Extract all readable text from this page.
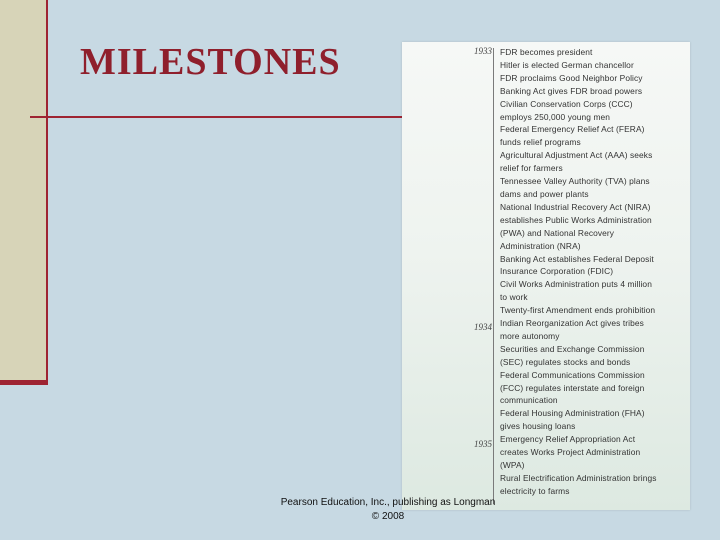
MILESTONES	1933
1934
1935
FDR becomes president
Hitler is elected German chancellor
FDR proclaims Good Neighbor Policy
Banking Act gives FDR broad powers
Civilian Conservation Corps (CCC)
employs 250,000 young men
Federal Emergency Relief Act (FERA)
funds relief programs
Agricultural Adjustment Act (AAA) seeks
relief for farmers
Tennessee Valley Authority (TVA) plans
dams and power plants
National Industrial Recovery Act (NIRA)
establishes Public Works Administration
(PWA) and National Recovery
Administration (NRA)
Banking Act establishes Federal Deposit
Insurance Corporation (FDIC)
Civil Works Administration puts 4 million
to work
Twenty-first Amendment ends prohibition
Indian Reorganization Act gives tribes
more autonomy
Securities and Exchange Commission
(SEC) regulates stocks and bonds
Federal Communications Commission
(FCC) regulates interstate and foreign
communication
Federal Housing Administration (FHA)
gives housing loans
Emergency Relief Appropriation Act
creates Works Project Administration
(WPA)
Rural Electrification Administration brings
electricity to farms
Pearson Education, Inc., publishing as Longman
© 2008
